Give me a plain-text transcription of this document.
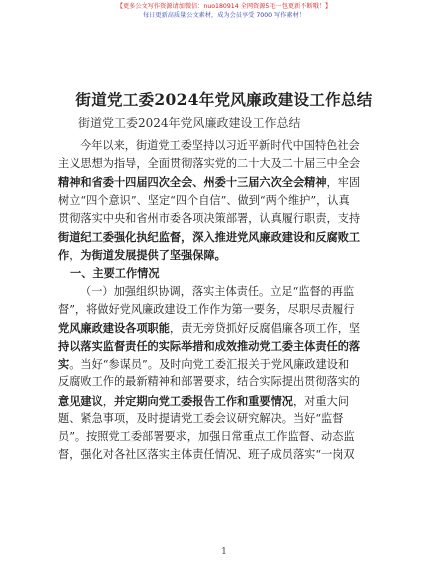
【更多公文写作资源请加微信：nuo180914 全网资源5毛一包更新不断哦！】
每日更新高质量公文素材，成为会员享受 7000 写作素材！
街道党工委2024年党风廉政建设工作总结
街道党工委2024年党风廉政建设工作总结
今年以来，街道党工委坚持以习近平新时代中国特色社会
主义思想为指导，全面贯彻落实党的二十大及二十届三中全会
精神和省委十四届四次全会、州委十三届六次全会精神，牢固
树立“四个意识”、坚定“四个自信”、做到“两个维护”，认真
贯彻落实中央和省州市委各项决策部署，认真履行职责，支持
街道纪工委强化执纪监督，深入推进党风廉政建设和反腐败工
作，为街道发展提供了坚强保障。
一、主要工作情况
（一）加强组织协调，落实主体责任。立足“监督的再监
督”，将做好党风廉政建设工作作为第一要务，尽职尽责履行
党风廉政建设各项职能，责无旁贷抓好反腐倡廉各项工作，坚
持以落实监督责任的实际举措和成效推动党工委主体责任的落
实。当好“参谋员”。及时向党工委汇报关于党风廉政建设和
反腐败工作的最新精神和部署要求，结合实际提出贯彻落实的
意见建议，并定期向党工委报告工作和重要情况，对重大问
题、紧急事项，及时提请党工委会议研究解决。当好“监督
员”。按照党工委部署要求，加强日常重点工作监督、动态监
督，强化对各社区落实主体责任情况、班子成员落实“一岗双
1
